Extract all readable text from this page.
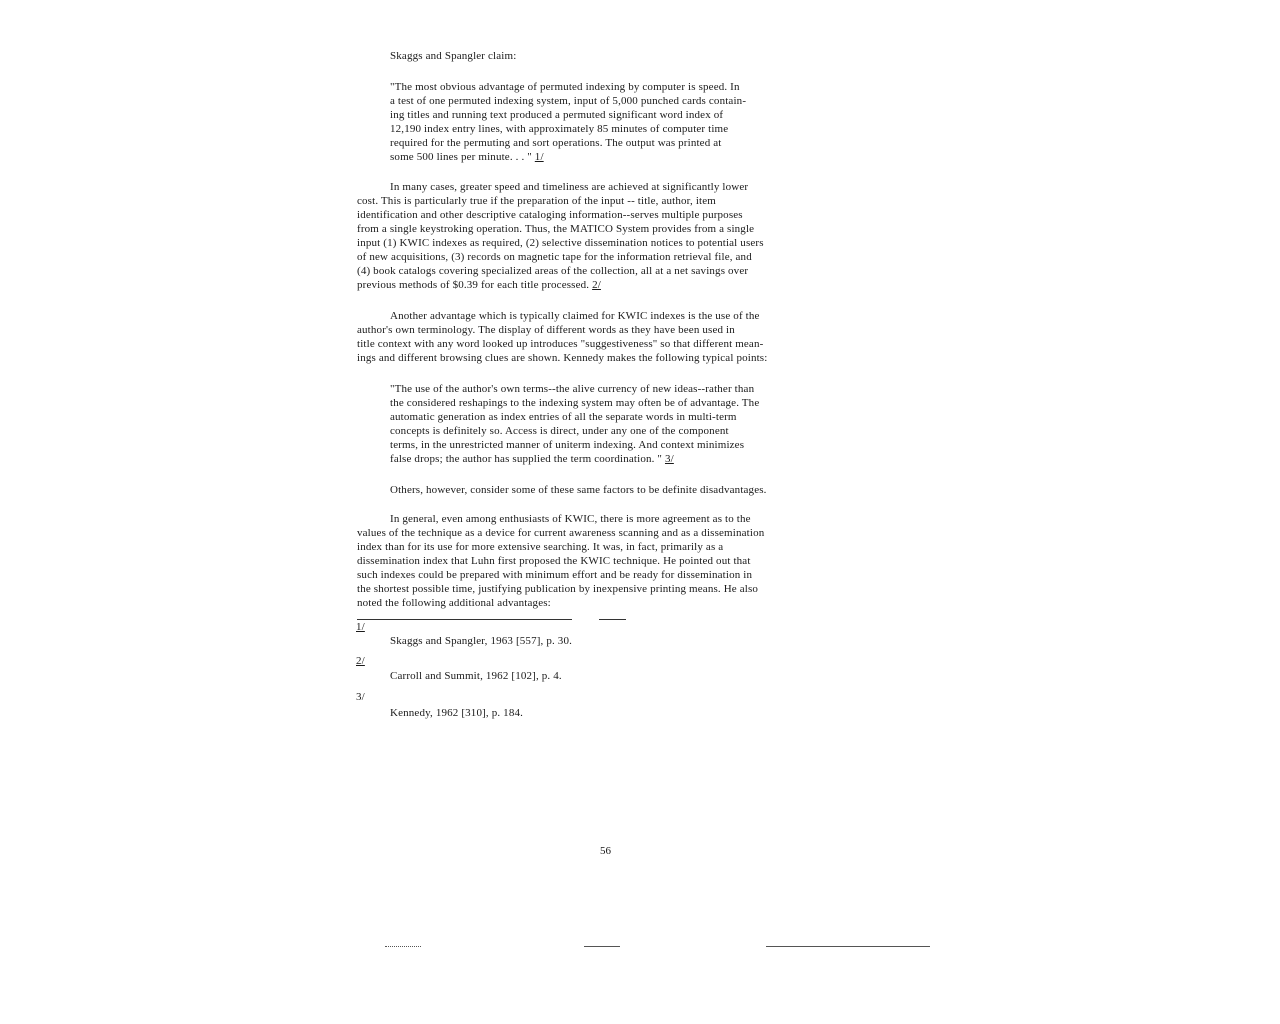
Skaggs and Spangler claim:
"The most obvious advantage of permuted indexing by computer is speed. In
a test of one permuted indexing system, input of 5,000 punched cards contain-
ing titles and running text produced a permuted significant word index of
12,190 index entry lines, with approximately 85 minutes of computer time
required for the permuting and sort operations. The output was printed at
some 500 lines per minute. . . " 1/
In many cases, greater speed and timeliness are achieved at significantly lower
cost. This is particularly true if the preparation of the input -- title, author, item
identification and other descriptive cataloging information--serves multiple purposes
from a single keystroking operation. Thus, the MATICO System provides from a single
input (1) KWIC indexes as required, (2) selective dissemination notices to potential users
of new acquisitions, (3) records on magnetic tape for the information retrieval file, and
(4) book catalogs covering specialized areas of the collection, all at a net savings over
previous methods of $0.39 for each title processed. 2/
Another advantage which is typically claimed for KWIC indexes is the use of the
author's own terminology. The display of different words as they have been used in
title context with any word looked up introduces "suggestiveness" so that different mean-
ings and different browsing clues are shown. Kennedy makes the following typical points:
"The use of the author's own terms--the alive currency of new ideas--rather than
the considered reshapings to the indexing system may often be of advantage. The
automatic generation as index entries of all the separate words in multi-term
concepts is definitely so. Access is direct, under any one of the component
terms, in the unrestricted manner of uniterm indexing. And context minimizes
false drops; the author has supplied the term coordination. " 3/
Others, however, consider some of these same factors to be definite disadvantages.
In general, even among enthusiasts of KWIC, there is more agreement as to the
values of the technique as a device for current awareness scanning and as a dissemination
index than for its use for more extensive searching. It was, in fact, primarily as a
dissemination index that Luhn first proposed the KWIC technique. He pointed out that
such indexes could be prepared with minimum effort and be ready for dissemination in
the shortest possible time, justifying publication by inexpensive printing means. He also
noted the following additional advantages:
1/
Skaggs and Spangler, 1963 [557], p. 30.
2/
Carroll and Summit, 1962 [102], p. 4.
3/
Kennedy, 1962 [310], p. 184.
56
